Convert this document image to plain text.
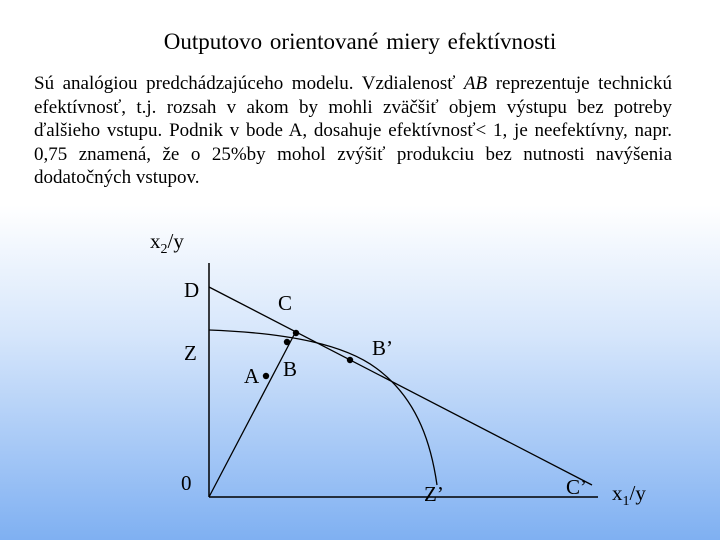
Outputovo orientované miery efektívnosti
Sú analógiou predchádzajúceho modelu. Vzdialenosť AB reprezentuje technickú efektívnosť, t.j. rozsah v akom by mohli zväčšiť objem výstupu bez potreby ďalšieho vstupu. Podnik v bode A, dosahuje efektívnosť< 1, je neefektívny, napr. 0,75 znamená, že o 25%by mohol zvýšiť produkciu bez nutnosti navýšenia dodatočných vstupov.
$x_2/y$
$x_1/y$
D
C
Z
A B
B’
0	Z’	C’
